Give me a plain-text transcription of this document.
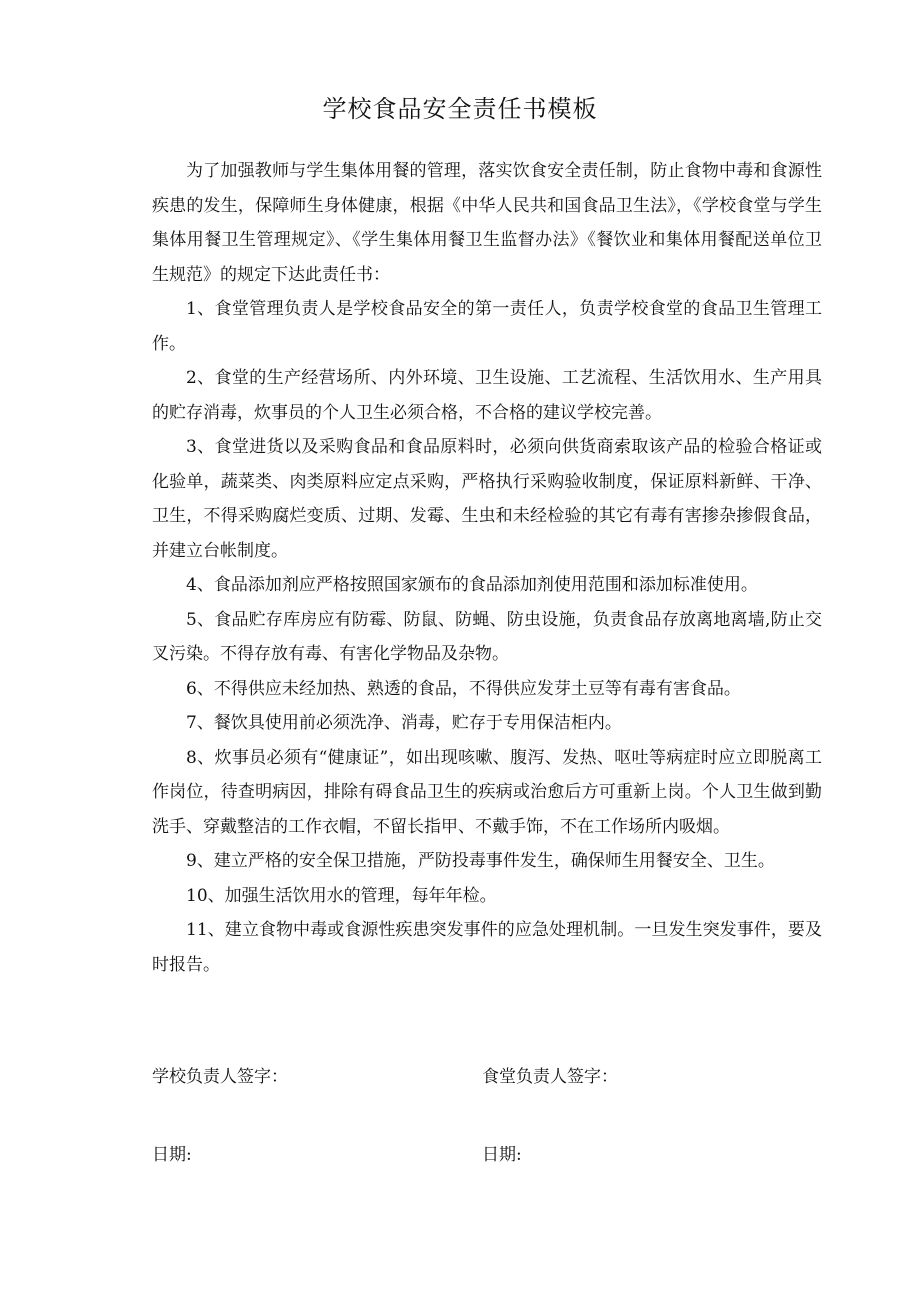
学校食品安全责任书模板

为了加强教师与学生集体用餐的管理，落实饮食安全责任制，防止食物中毒和食源性疾患的发生，保障师生身体健康，根据《中华人民共和国食品卫生法》，《学校食堂与学生集体用餐卫生管理规定》、《学生集体用餐卫生监督办法》《餐饮业和集体用餐配送单位卫生规范》的规定下达此责任书：

1、食堂管理负责人是学校食品安全的第一责任人，负责学校食堂的食品卫生管理工作。

2、食堂的生产经营场所、内外环境、卫生设施、工艺流程、生活饮用水、生产用具的贮存消毒，炊事员的个人卫生必须合格，不合格的建议学校完善。

3、食堂进货以及采购食品和食品原料时，必须向供货商索取该产品的检验合格证或化验单，蔬菜类、肉类原料应定点采购，严格执行采购验收制度，保证原料新鲜、干净、卫生，不得采购腐烂变质、过期、发霉、生虫和未经检验的其它有毒有害掺杂掺假食品，并建立台帐制度。

4、食品添加剂应严格按照国家颁布的食品添加剂使用范围和添加标准使用。

5、食品贮存库房应有防霉、防鼠、防蝇、防虫设施，负责食品存放离地离墙,防止交叉污染。不得存放有毒、有害化学物品及杂物。

6、不得供应未经加热、熟透的食品，不得供应发芽土豆等有毒有害食品。

7、餐饮具使用前必须洗净、消毒，贮存于专用保洁柜内。

8、炊事员必须有“健康证”，如出现咳嗽、腹泻、发热、呕吐等病症时应立即脱离工作岗位，待查明病因，排除有碍食品卫生的疾病或治愈后方可重新上岗。个人卫生做到勤洗手、穿戴整洁的工作衣帽，不留长指甲、不戴手饰，不在工作场所内吸烟。

9、建立严格的安全保卫措施，严防投毒事件发生，确保师生用餐安全、卫生。

10、加强生活饮用水的管理，每年年检。

11、建立食物中毒或食源性疾患突发事件的应急处理机制。一旦发生突发事件，要及时报告。

学校负责人签字：	食堂负责人签字：
日期:	日期:
